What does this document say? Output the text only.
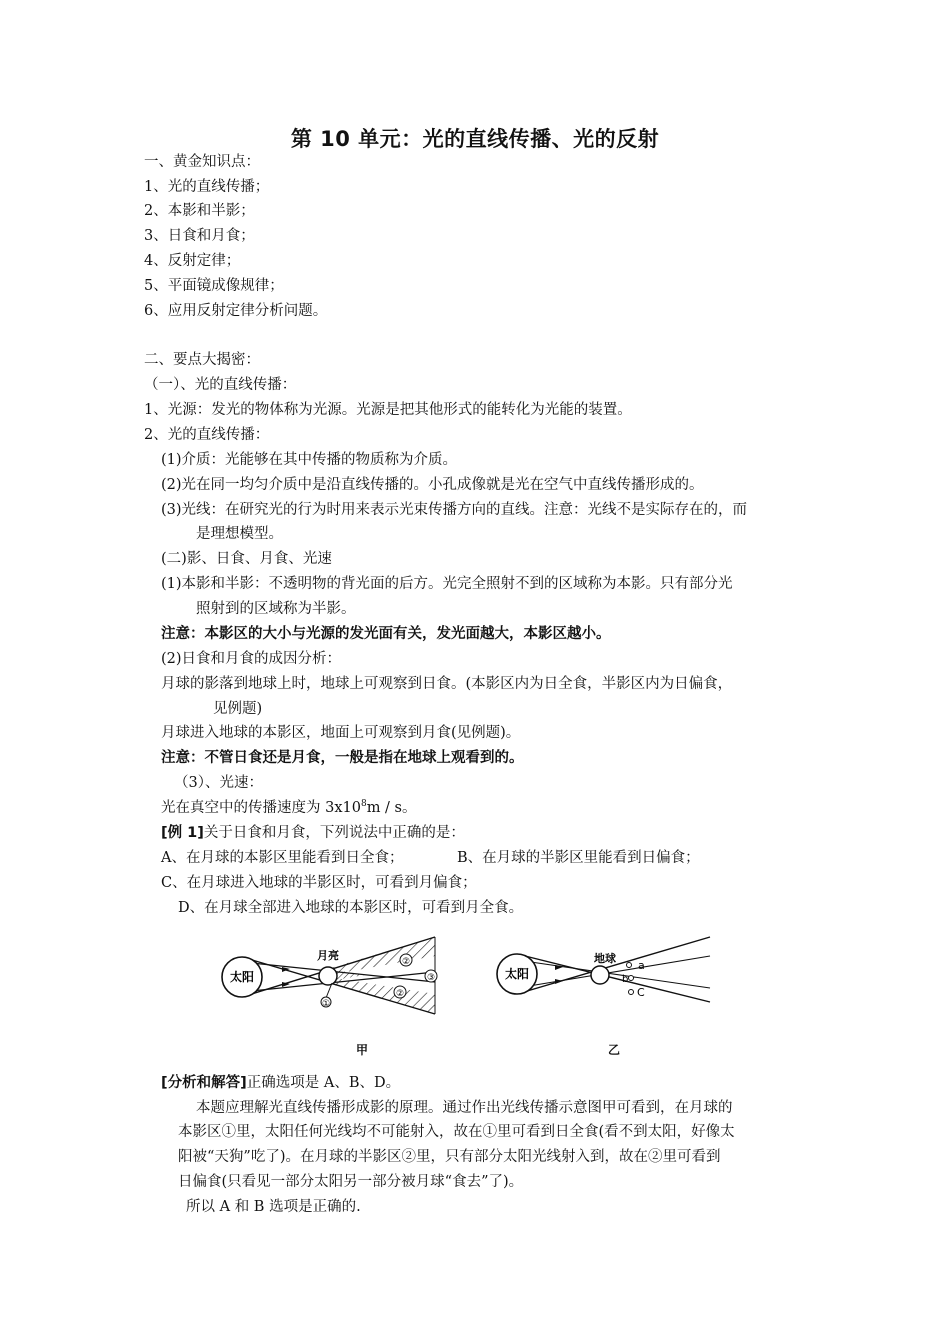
第 10 单元：光的直线传播、光的反射
一、黄金知识点：
1、光的直线传播；
2、本影和半影；
3、日食和月食；
4、反射定律；
5、平面镜成像规律；
6、应用反射定律分析问题。
二、要点大揭密：
（一）、光的直线传播：
1、光源：发光的物体称为光源。光源是把其他形式的能转化为光能的装置。
2、光的直线传播：
(1)介质：光能够在其中传播的物质称为介质。
(2)光在同一均匀介质中是沿直线传播的。小孔成像就是光在空气中直线传播形成的。
(3)光线：在研究光的行为时用来表示光束传播方向的直线。注意：光线不是实际存在的，而
是理想模型。
(二)影、日食、月食、光速
(1)本影和半影：不透明物的背光面的后方。光完全照射不到的区域称为本影。只有部分光
照射到的区域称为半影。
注意：本影区的大小与光源的发光面有关，发光面越大，本影区越小。
(2)日食和月食的成因分析：
月球的影落到地球上时，地球上可观察到日食。(本影区内为日全食，半影区内为日偏食，
见例题)
月球进入地球的本影区，地面上可观察到月食(见例题)。
注意：不管日食还是月食，一般是指在地球上观看到的。
（3）、光速：
光在真空中的传播速度为 $3x10^8m$ / s。
[例 1]关于日食和月食，下列说法中正确的是：
A、在月球的本影区里能看到日全食；	B、在月球的半影区里能看到日偏食；
C、在月球进入地球的半影区时，可看到月偏食；
D、在月球全部进入地球的本影区时，可看到月全食。
太阳
月亮
①
②
②
③
甲
太阳
地球
a
b
C
乙
[分析和解答]正确选项是 A、B、D。
本题应理解光直线传播形成影的原理。通过作出光线传播示意图甲可看到，在月球的
本影区①里，太阳任何光线均不可能射入，故在①里可看到日全食(看不到太阳，好像太
阳被“天狗”吃了)。在月球的半影区②里，只有部分太阳光线射入到，故在②里可看到
日偏食(只看见一部分太阳另一部分被月球“食去”了)。
所以 A 和 B 选项是正确的.
